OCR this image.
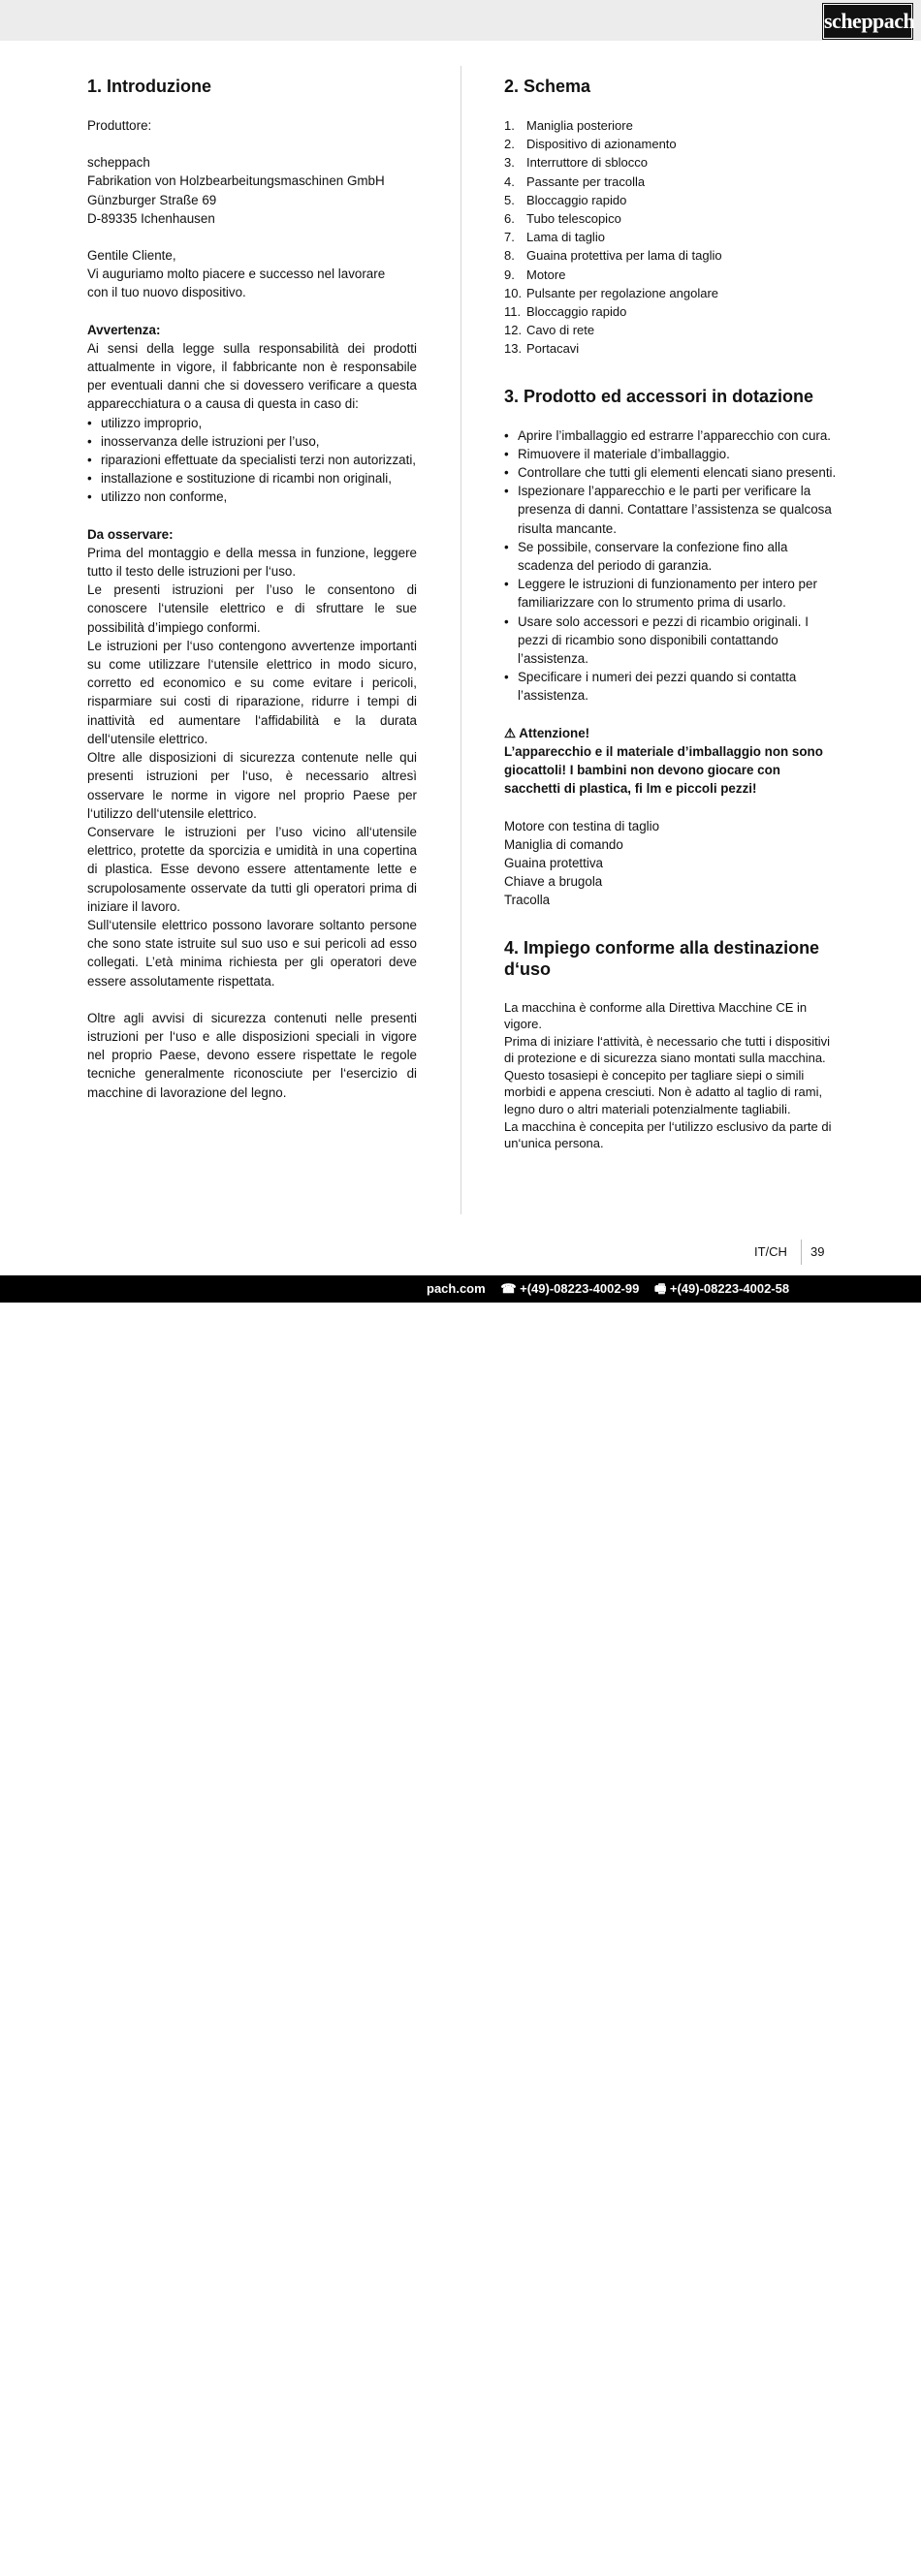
scheppach
1. Introduzione

Produttore:

scheppach

Fabrikation von Holzbearbeitungsmaschinen GmbH

Günzburger Straße 69

D-89335 Ichenhausen

Gentile Cliente,

Vi auguriamo molto piacere e successo nel lavorare

con il tuo nuovo dispositivo.

Avvertenza:

Ai sensi della legge sulla responsabilità dei prodotti attualmente in vigore, il fabbricante non è responsabile per eventuali danni che si dovessero verificare a questa apparecchiatura o a causa di questa in caso di:

• utilizzo improprio,
• inosservanza delle istruzioni per l’uso,
• riparazioni effettuate da specialisti terzi non autorizzati,
• installazione e sostituzione di ricambi non originali,
• utilizzo non conforme,

Da osservare:

Prima del montaggio e della messa in funzione, leggere tutto il testo delle istruzioni per l‘uso.

Le presenti istruzioni per l’uso le consentono di conoscere l‘utensile elettrico e di sfruttare le sue possibilità d’impiego conformi.

Le istruzioni per l‘uso contengono avvertenze importanti su come utilizzare l‘utensile elettrico in modo sicuro, corretto ed economico e su come evitare i pericoli, risparmiare sui costi di riparazione, ridurre i tempi di inattività ed aumentare l‘affidabilità e la durata dell‘utensile elettrico.

Oltre alle disposizioni di sicurezza contenute nelle qui presenti istruzioni per l‘uso, è necessario altresì osservare le norme in vigore nel proprio Paese per l‘utilizzo dell‘utensile elettrico.

Conservare le istruzioni per l’uso vicino all‘utensile elettrico, protette da sporcizia e umidità in una copertina di plastica. Esse devono essere attentamente lette e scrupolosamente osservate da tutti gli operatori prima di iniziare il lavoro.

Sull‘utensile elettrico possono lavorare soltanto persone che sono state istruite sul suo uso e sui pericoli ad esso collegati. L’età minima richiesta per gli operatori deve essere assolutamente rispettata.

Oltre agli avvisi di sicurezza contenuti nelle presenti istruzioni per l‘uso e alle disposizioni speciali in vigore nel proprio Paese, devono essere rispettate le regole tecniche generalmente riconosciute per l‘esercizio di macchine di lavorazione del legno.

2. Schema
1. Maniglia posteriore
2. Dispositivo di azionamento
3. Interruttore di sblocco
4. Passante per tracolla
5. Bloccaggio rapido
6. Tubo telescopico
7. Lama di taglio
8. Guaina protettiva per lama di taglio
9. Motore
10. Pulsante per regolazione angolare
11. Bloccaggio rapido
12. Cavo di rete
13. Portacavi
3. Prodotto ed accessori in dotazione
• Aprire l’imballaggio ed estrarre l’apparecchio con cura.
• Rimuovere il materiale d’imballaggio.
• Controllare che tutti gli elementi elencati siano presenti.
• Ispezionare l’apparecchio e le parti per verificare la presenza di danni. Contattare l’assistenza se qualcosa risulta mancante.
• Se possibile, conservare la confezione fino alla scadenza del periodo di garanzia.
• Leggere le istruzioni di funzionamento per intero per familiarizzare con lo strumento prima di usarlo.
• Usare solo accessori e pezzi di ricambio originali. I pezzi di ricambio sono disponibili contattando l’assistenza.
• Specificare i numeri dei pezzi quando si contatta l’assistenza.

⚠ Attenzione!

L’apparecchio e il materiale d’imballaggio non sono giocattoli! I bambini non devono giocare con sacchetti di plastica, fi lm e piccoli pezzi!

Motore con testina di taglio

Maniglia di comando

Guaina protettiva

Chiave a brugola

Tracolla

4. Impiego conforme alla destinazione d‘uso

La macchina è conforme alla Direttiva Macchine CE in vigore.

Prima di iniziare l‘attività, è necessario che tutti i dispositivi di protezione e di sicurezza siano montati sulla macchina.

Questo tosasiepi è concepito per tagliare siepi o simili morbidi e appena cresciuti. Non è adatto al taglio di rami, legno duro o altri materiali potenzialmente tagliabili.

La macchina è concepita per l‘utilizzo esclusivo da parte di un‘unica persona.

IT/CH 39
pach.com ☎ +(49)-08223-4002-99 🖷 +(49)-08223-4002-58
